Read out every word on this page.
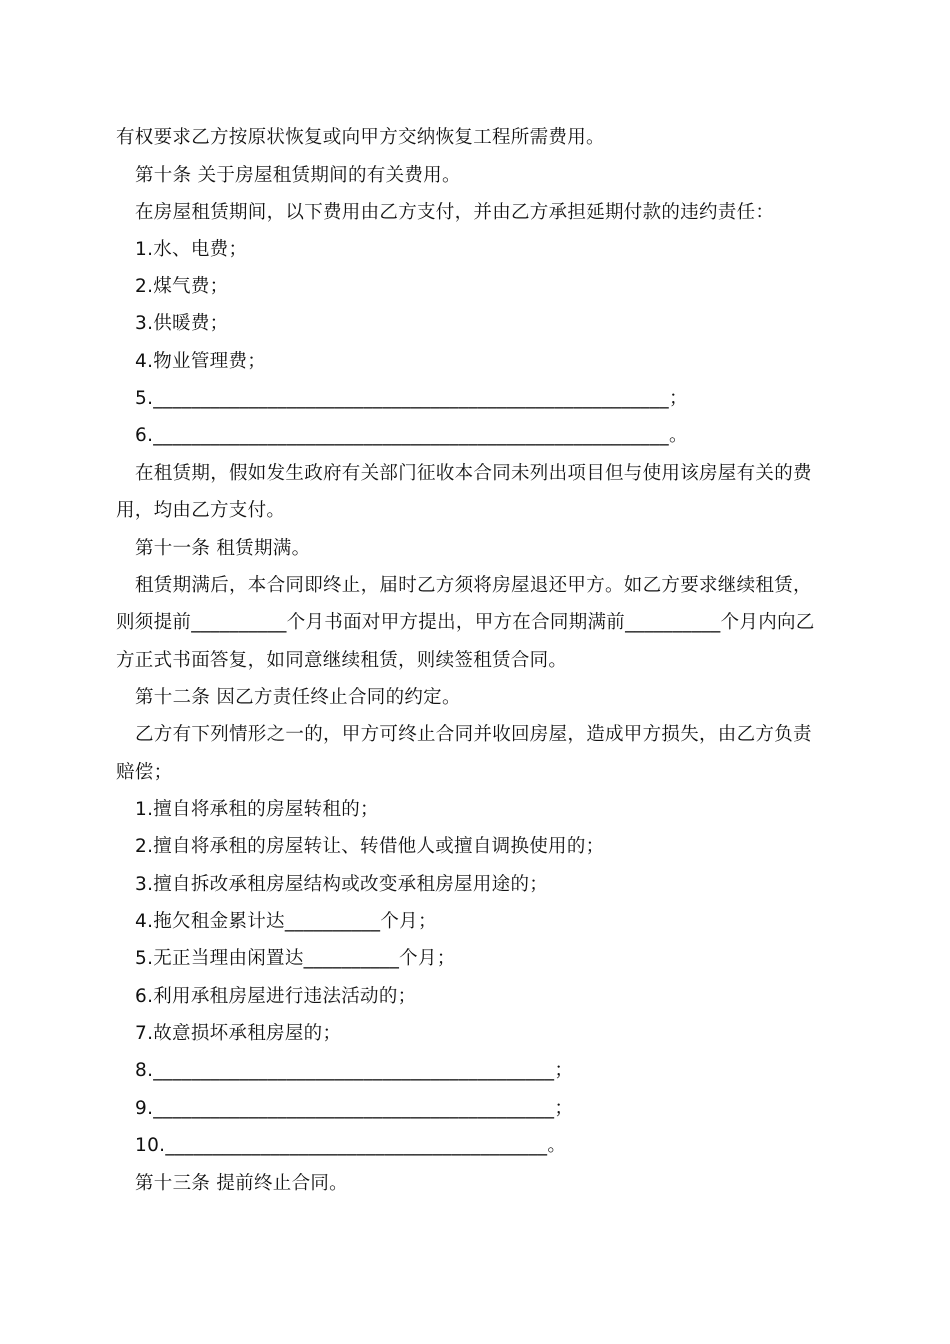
有权要求乙方按原状恢复或向甲方交纳恢复工程所需费用。
第十条 关于房屋租赁期间的有关费用。
在房屋租赁期间，以下费用由乙方支付，并由乙方承担延期付款的违约责任：
1.水、电费；
2.煤气费；
3.供暖费；
4.物业管理费；
5.______________________________________________________；
6.______________________________________________________。
在租赁期，假如发生政府有关部门征收本合同未列出项目但与使用该房屋有关的费
用，均由乙方支付。
第十一条 租赁期满。
租赁期满后，本合同即终止，届时乙方须将房屋退还甲方。如乙方要求继续租赁，
则须提前__________个月书面对甲方提出，甲方在合同期满前__________个月内向乙
方正式书面答复，如同意继续租赁，则续签租赁合同。
第十二条 因乙方责任终止合同的约定。
乙方有下列情形之一的，甲方可终止合同并收回房屋，造成甲方损失，由乙方负责
赔偿；
1.擅自将承租的房屋转租的；
2.擅自将承租的房屋转让、转借他人或擅自调换使用的；
3.擅自拆改承租房屋结构或改变承租房屋用途的；
4.拖欠租金累计达__________个月；
5.无正当理由闲置达__________个月；
6.利用承租房屋进行违法活动的；
7.故意损坏承租房屋的；
8.__________________________________________；
9.__________________________________________；
10.________________________________________。
第十三条 提前终止合同。
